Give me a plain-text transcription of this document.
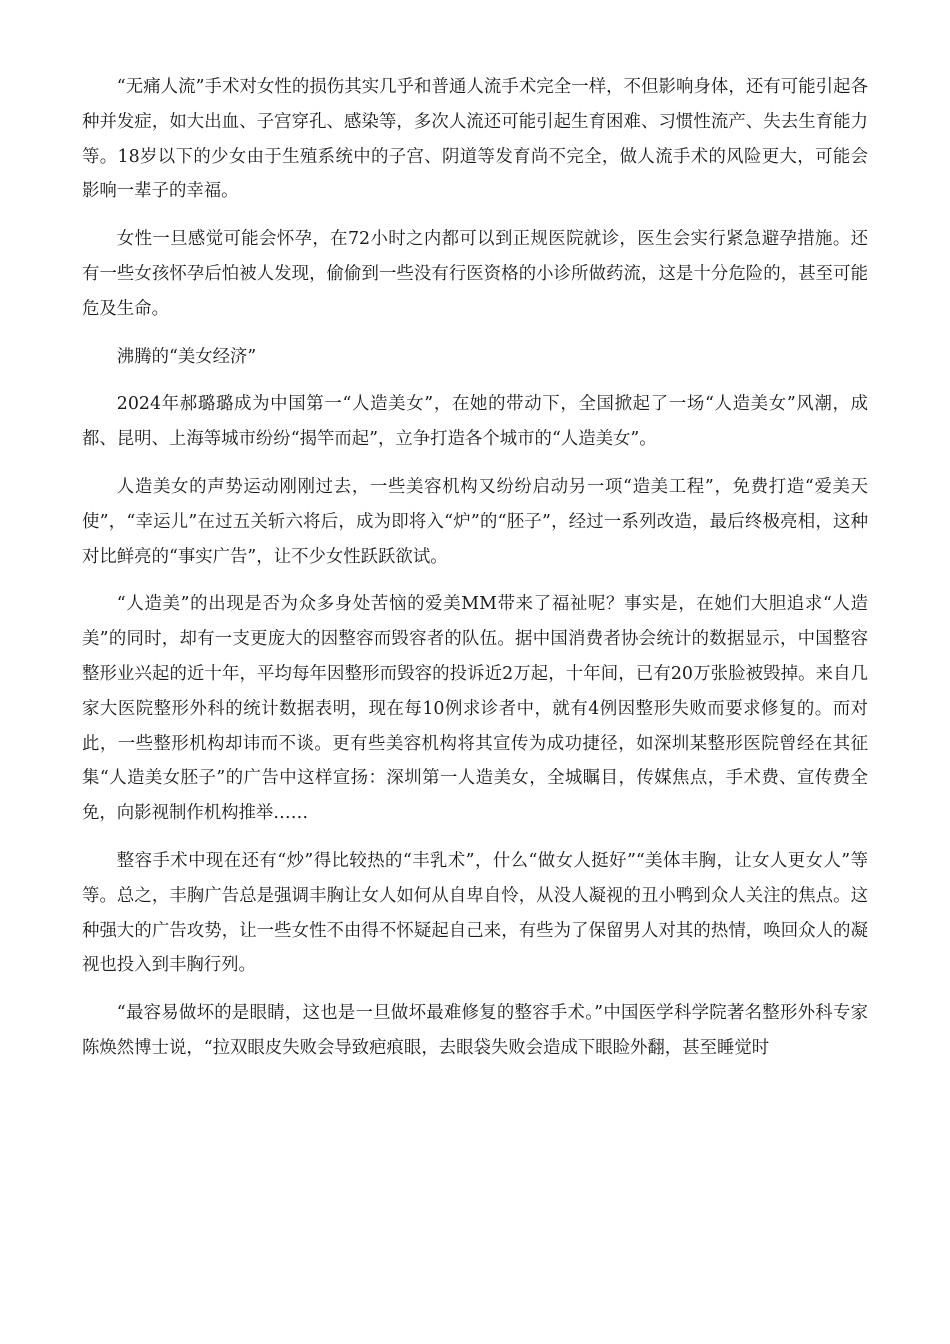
“无痛人流”手术对女性的损伤其实几乎和普通人流手术完全一样，不但影响身体，还有可能引起各种并发症，如大出血、子宫穿孔、感染等，多次人流还可能引起生育困难、习惯性流产、失去生育能力等。18岁以下的少女由于生殖系统中的子宫、阴道等发育尚不完全，做人流手术的风险更大，可能会影响一辈子的幸福。

女性一旦感觉可能会怀孕，在72小时之内都可以到正规医院就诊，医生会实行紧急避孕措施。还有一些女孩怀孕后怕被人发现，偷偷到一些没有行医资格的小诊所做药流，这是十分危险的，甚至可能危及生命。

沸腾的“美女经济”

2024年郝璐璐成为中国第一“人造美女”，在她的带动下，全国掀起了一场“人造美女”风潮，成都、昆明、上海等城市纷纷“揭竿而起”，立争打造各个城市的“人造美女”。

人造美女的声势运动刚刚过去，一些美容机构又纷纷启动另一项“造美工程”，免费打造“爱美天使”，“幸运儿”在过五关斩六将后，成为即将入“炉”的“胚子”，经过一系列改造，最后终极亮相，这种对比鲜亮的“事实广告”，让不少女性跃跃欲试。

“人造美”的出现是否为众多身处苦恼的爱美MM带来了福祉呢？事实是，在她们大胆追求“人造美”的同时，却有一支更庞大的因整容而毁容者的队伍。据中国消费者协会统计的数据显示，中国整容整形业兴起的近十年，平均每年因整形而毁容的投诉近2万起，十年间，已有20万张脸被毁掉。来自几家大医院整形外科的统计数据表明，现在每10例求诊者中，就有4例因整形失败而要求修复的。而对此，一些整形机构却讳而不谈。更有些美容机构将其宣传为成功捷径，如深圳某整形医院曾经在其征集“人造美女胚子”的广告中这样宣扬：深圳第一人造美女，全城瞩目，传媒焦点，手术费、宣传费全免，向影视制作机构推举……

整容手术中现在还有“炒”得比较热的“丰乳术”，什么“做女人挺好”“美体丰胸，让女人更女人”等等。总之，丰胸广告总是强调丰胸让女人如何从自卑自怜，从没人凝视的丑小鸭到众人关注的焦点。这种强大的广告攻势，让一些女性不由得不怀疑起自己来，有些为了保留男人对其的热情，唤回众人的凝视也投入到丰胸行列。

“最容易做坏的是眼睛，这也是一旦做坏最难修复的整容手术。”中国医学科学院著名整形外科专家陈焕然博士说，“拉双眼皮失败会导致疤痕眼，去眼袋失败会造成下眼睑外翻，甚至睡觉时
